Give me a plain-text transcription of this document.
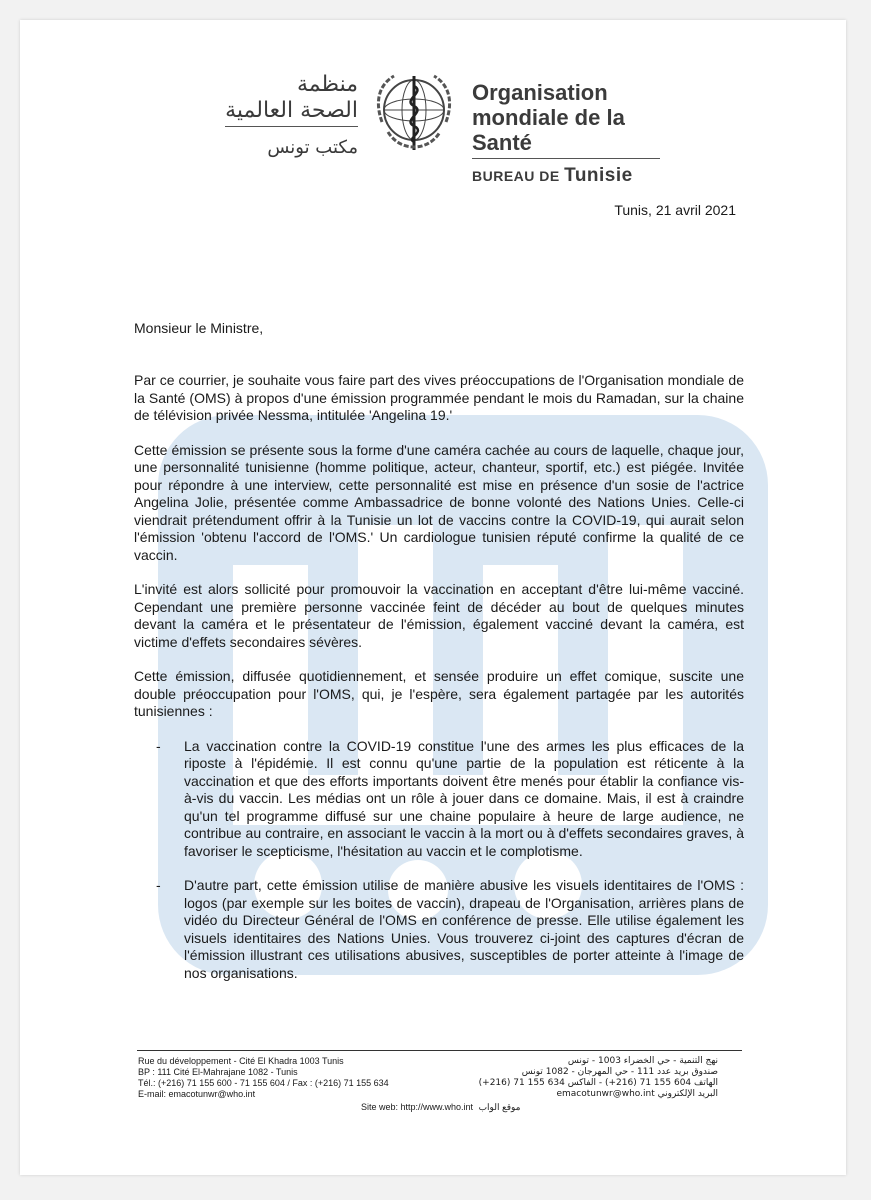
منظمة
الصحة العالمية
مكتب تونس
Organisation
mondiale de la Santé
BUREAU DE Tunisie
Tunis, 21 avril 2021
Monsieur le Ministre,

Par ce courrier, je souhaite vous faire part des vives préoccupations de l'Organisation mondiale de la Santé (OMS) à propos d'une émission programmée pendant le mois du Ramadan, sur la chaine de télévision privée Nessma, intitulée 'Angelina 19.'

Cette émission se présente sous la forme d'une caméra cachée au cours de laquelle, chaque jour, une personnalité tunisienne (homme politique, acteur, chanteur, sportif, etc.) est piégée. Invitée pour répondre à une interview, cette personnalité est mise en présence d'un sosie de l'actrice Angelina Jolie, présentée comme Ambassadrice de bonne volonté des Nations Unies. Celle-ci viendrait prétendument offrir à la Tunisie un lot de vaccins contre la COVID-19, qui aurait selon l'émission 'obtenu l'accord de l'OMS.' Un cardiologue tunisien réputé confirme la qualité de ce vaccin.

L'invité est alors sollicité pour promouvoir la vaccination en acceptant d'être lui-même vacciné. Cependant une première personne vaccinée feint de décéder au bout de quelques minutes devant la caméra et le présentateur de l'émission, également vacciné devant la caméra, est victime d'effets secondaires sévères.

Cette émission, diffusée quotidiennement, et sensée produire un effet comique, suscite une double préoccupation pour l'OMS, qui, je l'espère, sera également partagée par les autorités tunisiennes :

- La vaccination contre la COVID-19 constitue l'une des armes les plus efficaces de la riposte à l'épidémie. Il est connu qu'une partie de la population est réticente à la vaccination et que des efforts importants doivent être menés pour établir la confiance vis-à-vis du vaccin. Les médias ont un rôle à jouer dans ce domaine. Mais, il est à craindre qu'un tel programme diffusé sur une chaine populaire à heure de large audience, ne contribue au contraire, en associant le vaccin à la mort ou à d'effets secondaires graves, à favoriser le scepticisme, l'hésitation au vaccin et le complotisme.
- D'autre part, cette émission utilise de manière abusive les visuels identitaires de l'OMS : logos (par exemple sur les boites de vaccin), drapeau de l'Organisation, arrières plans de vidéo du Directeur Général de l'OMS en conférence de presse. Elle utilise également les visuels identitaires des Nations Unies. Vous trouverez ci-joint des captures d'écran de l'émission illustrant ces utilisations abusives, susceptibles de porter atteinte à l'image de nos organisations.
Rue du développement - Cité El Khadra 1003 Tunis
BP : 111 Cité El-Mahrajane 1082 - Tunis
Tél.: (+216) 71 155 600 - 71 155 604 / Fax : (+216) 71 155 634
E-mail: emacotunwr@who.int
نهج التنمية - حي الخضراء 1003 - تونس
صندوق بريد عدد 111 - حي المهرجان - 1082 تونس
الهاتف 604 155 71 (216+) - الفاكس 634 155 71 (216+)
البريد الإلكتروني emacotunwr@who.int
Site web: http://www.who.int موقع الواب
